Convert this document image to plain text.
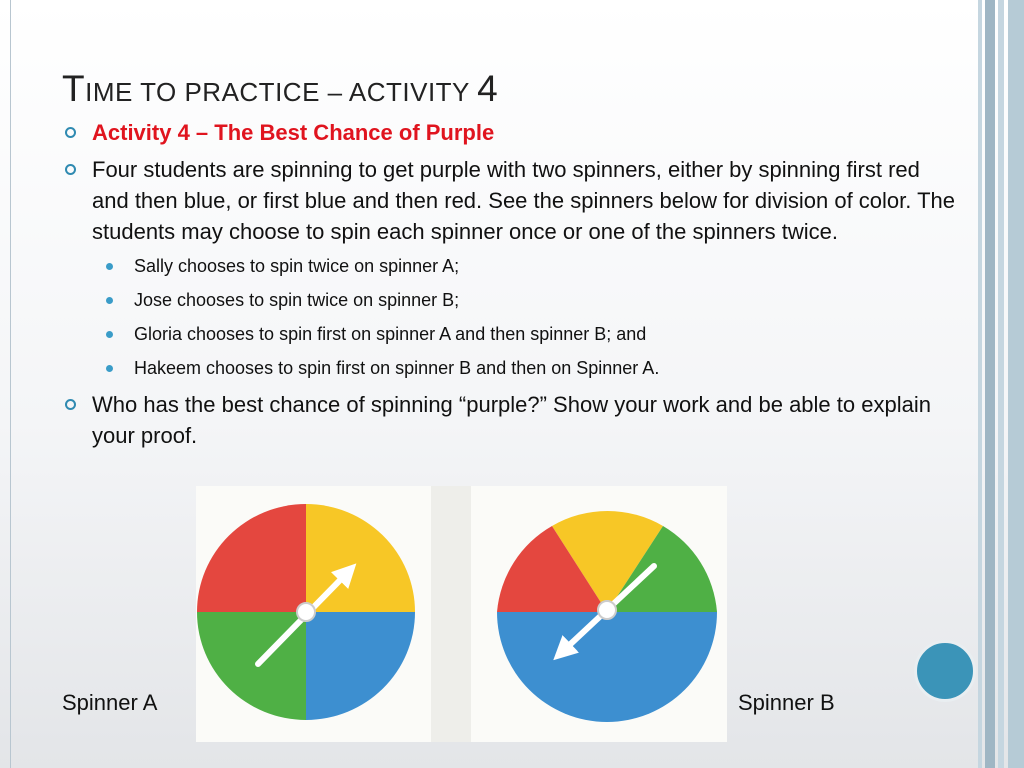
TIME TO PRACTICE – ACTIVITY 4
Activity 4 – The Best Chance of Purple
Four students are spinning to get purple with two spinners, either by spinning first red and then blue, or first blue and then red. See the spinners below for division of color. The students may choose to spin each spinner once or one of the spinners twice.
Sally chooses to spin twice on spinner A;
Jose chooses to spin twice on spinner B;
Gloria chooses to spin first on spinner A and then spinner B; and
Hakeem chooses to spin first on spinner B and then on Spinner A.
Who has the best chance of spinning “purple?” Show your work and be able to explain your proof.
Spinner A	Spinner B
